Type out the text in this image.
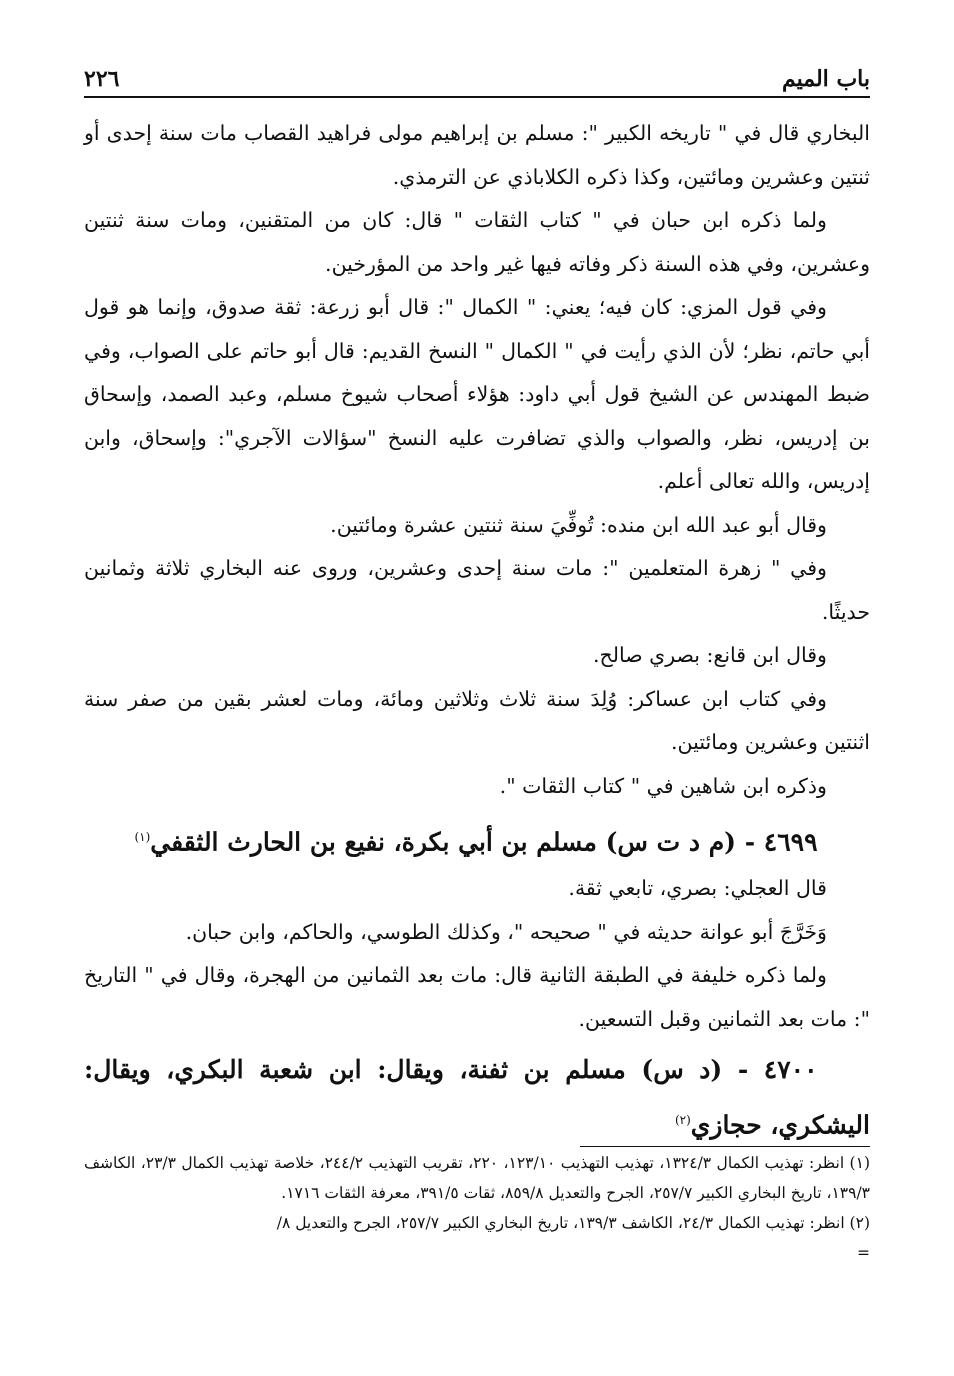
باب الميم
٢٢٦

البخاري قال في " تاريخه الكبير ": مسلم بن إبراهيم مولى فراهيد القصاب مات سنة إحدى أو ثنتين وعشرين ومائتين، وكذا ذكره الكلاباذي عن الترمذي.

ولما ذكره ابن حبان في " كتاب الثقات " قال: كان من المتقنين، ومات سنة ثنتين وعشرين، وفي هذه السنة ذكر وفاته فيها غير واحد من المؤرخين.

وفي قول المزي: كان فيه؛ يعني: " الكمال ": قال أبو زرعة: ثقة صدوق، وإنما هو قول أبي حاتم، نظر؛ لأن الذي رأيت في " الكمال " النسخ القديم: قال أبو حاتم على الصواب، وفي ضبط المهندس عن الشيخ قول أبي داود: هؤلاء أصحاب شيوخ مسلم، وعبد الصمد، وإسحاق بن إدريس، نظر، والصواب والذي تضافرت عليه النسخ "سؤالات الآجري": وإسحاق، وابن إدريس، والله تعالى أعلم.

وقال أبو عبد الله ابن منده: تُوفِّيَ سنة ثنتين عشرة ومائتين.

وفي " زهرة المتعلمين ": مات سنة إحدى وعشرين، وروى عنه البخاري ثلاثة وثمانين حديثًا.

وقال ابن قانع: بصري صالح.

وفي كتاب ابن عساكر: وُلِدَ سنة ثلاث وثلاثين ومائة، ومات لعشر بقين من صفر سنة اثنتين وعشرين ومائتين.

وذكره ابن شاهين في " كتاب الثقات ".

٤٦٩٩ - (م د ت س) مسلم بن أبي بكرة، نفيع بن الحارث الثقفي$^{(١)}$

قال العجلي: بصري، تابعي ثقة.

وَخَرَّجَ أبو عوانة حديثه في " صحيحه "، وكذلك الطوسي، والحاكم، وابن حبان.

ولما ذكره خليفة في الطبقة الثانية قال: مات بعد الثمانين من الهجرة، وقال في " التاريخ ": مات بعد الثمانين وقبل التسعين.

٤٧٠٠ - (د س) مسلم بن ثفنة، ويقال: ابن شعبة البكري، ويقال: اليشكري، حجازي$^{(٢)}$

(١) انظر: تهذيب الكمال ١٣٢٤/٣، تهذيب التهذيب ١٢٣/١٠، ٢٢٠، تقريب التهذيب ٢٤٤/٢، خلاصة تهذيب الكمال ٢٣/٣، الكاشف ١٣٩/٣، تاريخ البخاري الكبير ٢٥٧/٧، الجرح والتعديل ٨٥٩/٨، ثقات ٣٩١/٥، معرفة الثقات ١٧١٦.

(٢) انظر: تهذيب الكمال ٢٤/٣، الكاشف ١٣٩/٣، تاريخ البخاري الكبير ٢٥٧/٧، الجرح والتعديل ٨/

=
